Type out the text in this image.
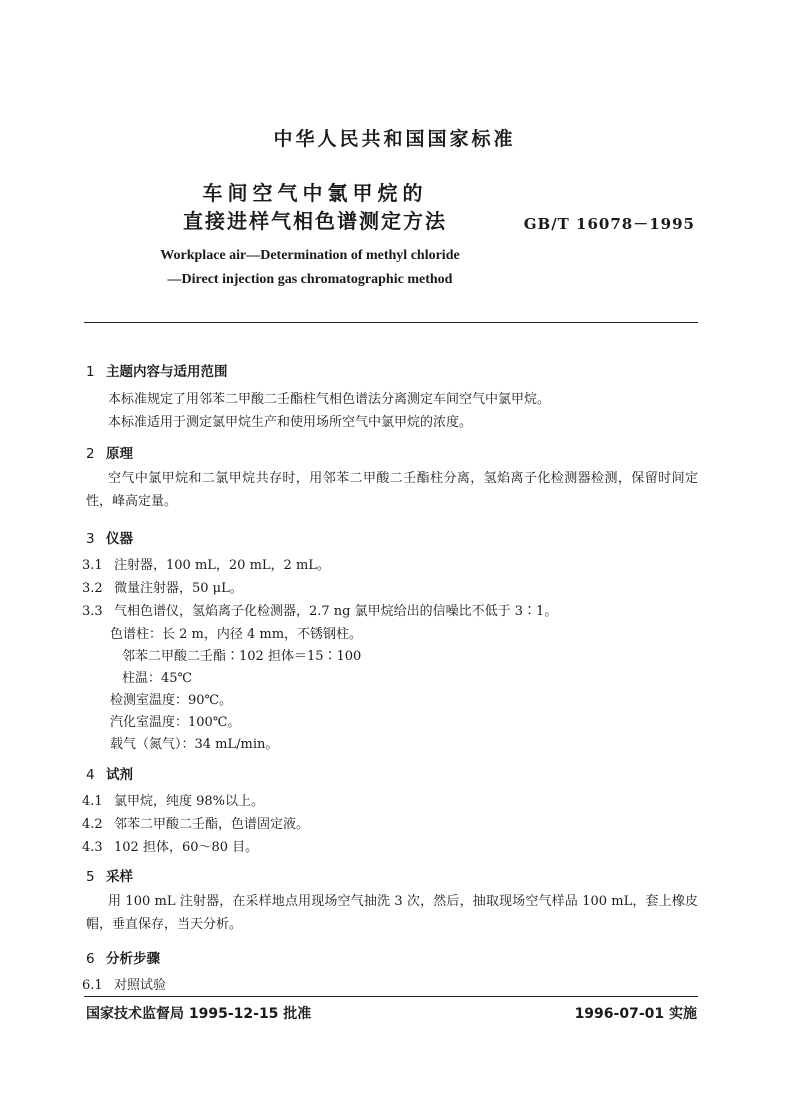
中华人民共和国国家标准
车间空气中氯甲烷的
直接进样气相色谱测定方法	GB/T 16078－1995
Workplace air—Determination of methyl chloride
—Direct injection gas chromatographic method
1 主题内容与适用范围
本标准规定了用邻苯二甲酸二壬酯柱气相色谱法分离测定车间空气中氯甲烷。
本标准适用于测定氯甲烷生产和使用场所空气中氯甲烷的浓度。
2 原理
空气中氯甲烷和二氯甲烷共存时，用邻苯二甲酸二壬酯柱分离，氢焰离子化检测器检测，保留时间定性，峰高定量。
3 仪器
3.1 注射器，100 mL，20 mL，2 mL。
3.2 微量注射器，50 μL。
3.3 气相色谱仪，氢焰离子化检测器，2.7 ng 氯甲烷给出的信噪比不低于 3∶1。
色谱柱：长 2 m，内径 4 mm，不锈钢柱。
邻苯二甲酸二壬酯∶102 担体＝15∶100
柱温：45℃
检测室温度：90℃。
汽化室温度：100℃。
载气（氮气）：34 mL/min。
4 试剂
4.1 氯甲烷，纯度 98%以上。
4.2 邻苯二甲酸二壬酯，色谱固定液。
4.3 102 担体，60～80 目。
5 采样
用 100 mL 注射器，在采样地点用现场空气抽洗 3 次，然后，抽取现场空气样品 100 mL，套上橡皮帽，垂直保存，当天分析。
6 分析步骤
6.1 对照试验
国家技术监督局 1995-12-15 批准	1996-07-01 实施
